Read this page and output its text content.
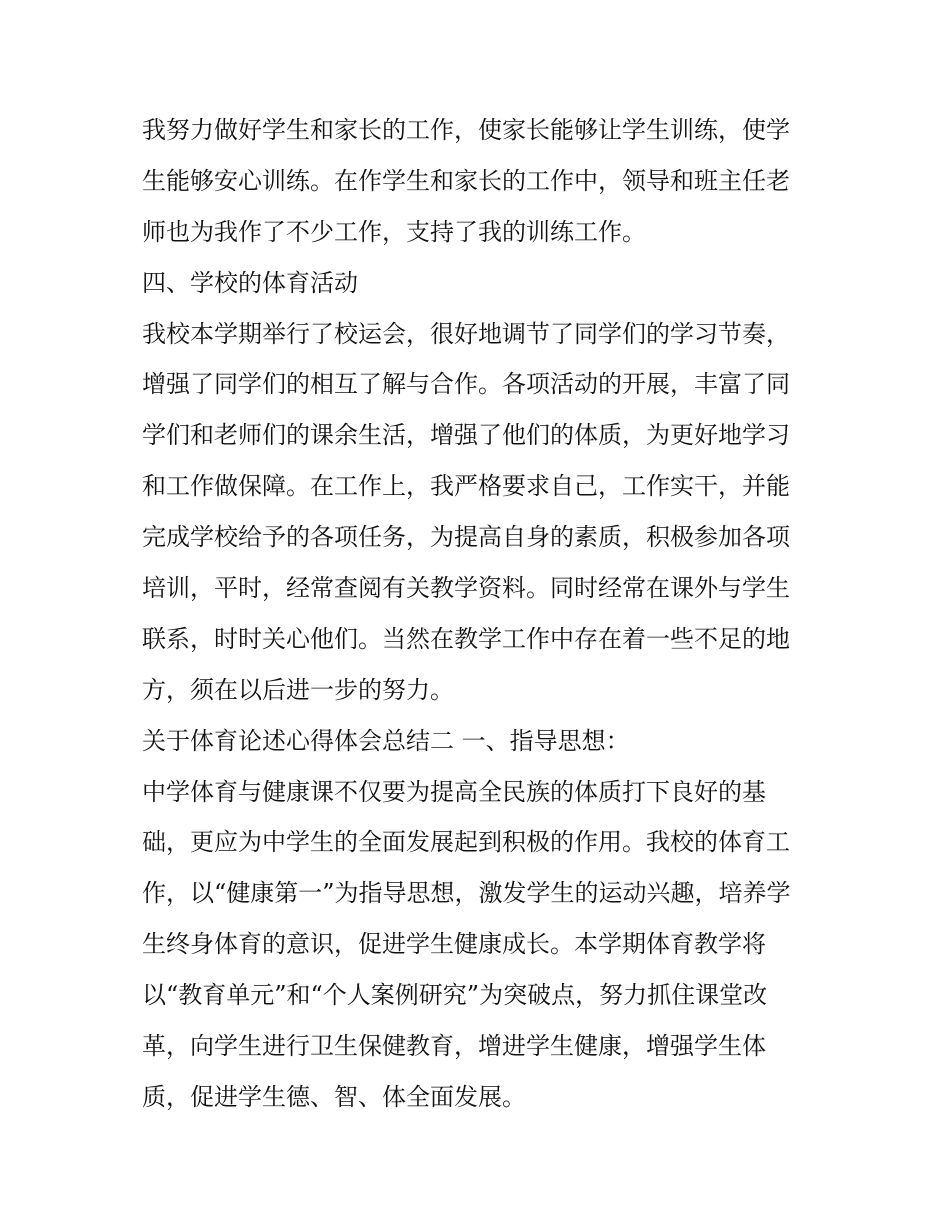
我努力做好学生和家长的工作，使家长能够让学生训练，使学
生能够安心训练。在作学生和家长的工作中，领导和班主任老
师也为我作了不少工作，支持了我的训练工作。
四、学校的体育活动
我校本学期举行了校运会，很好地调节了同学们的学习节奏，
增强了同学们的相互了解与合作。各项活动的开展，丰富了同
学们和老师们的课余生活，增强了他们的体质，为更好地学习
和工作做保障。在工作上，我严格要求自己，工作实干，并能
完成学校给予的各项任务，为提高自身的素质，积极参加各项
培训，平时，经常查阅有关教学资料。同时经常在课外与学生
联系，时时关心他们。当然在教学工作中存在着一些不足的地
方，须在以后进一步的努力。
关于体育论述心得体会总结二 一、指导思想：
中学体育与健康课不仅要为提高全民族的体质打下良好的基
础，更应为中学生的全面发展起到积极的作用。我校的体育工
作，以“健康第一”为指导思想，激发学生的运动兴趣，培养学
生终身体育的意识，促进学生健康成长。本学期体育教学将
以“教育单元”和“个人案例研究”为突破点，努力抓住课堂改
革，向学生进行卫生保健教育，增进学生健康，增强学生体
质，促进学生德、智、体全面发展。
